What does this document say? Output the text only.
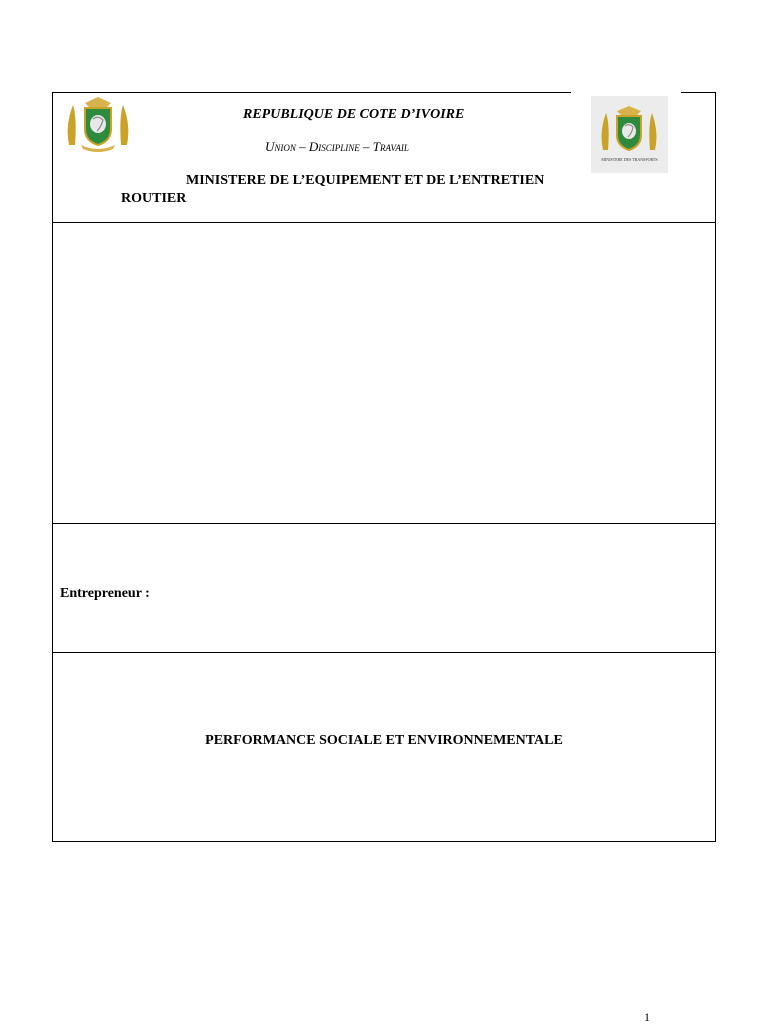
REPUBLIQUE DE COTE D’IVOIRE
Union – Discipline – Travail
MINISTERE DE L’EQUIPEMENT ET DE L’ENTRETIEN ROUTIER
MINISTERE DES TRANSPORTS
Entrepreneur :
PERFORMANCE SOCIALE ET ENVIRONNEMENTALE
1
